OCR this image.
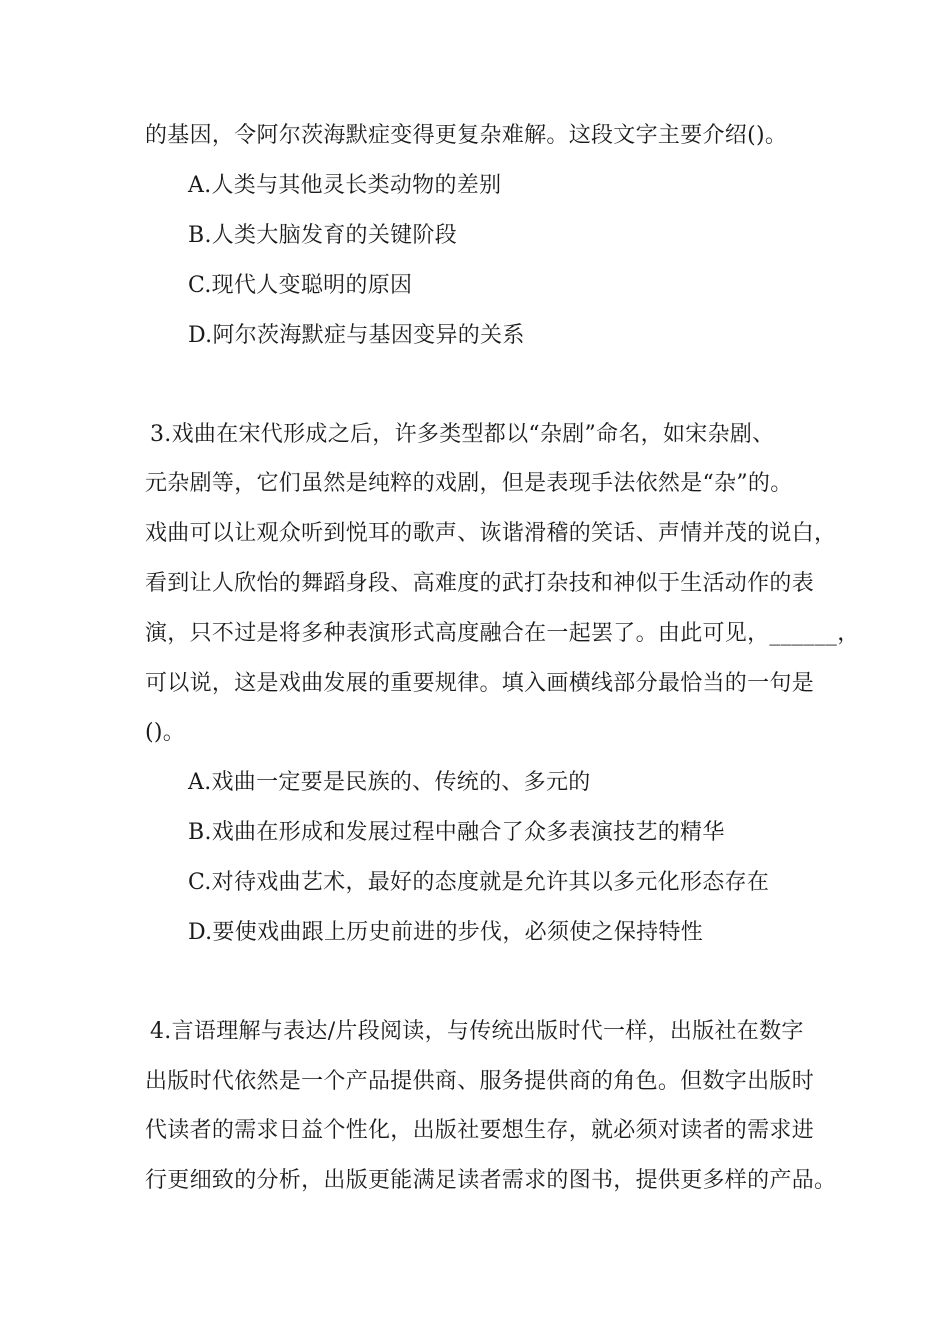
的基因，令阿尔茨海默症变得更复杂难解。这段文字主要介绍()。
A.人类与其他灵长类动物的差别
B.人类大脑发育的关键阶段
C.现代人变聪明的原因
D.阿尔茨海默症与基因变异的关系
3.戏曲在宋代形成之后，许多类型都以“杂剧”命名，如宋杂剧、
元杂剧等，它们虽然是纯粹的戏剧，但是表现手法依然是“杂”的。
戏曲可以让观众听到悦耳的歌声、诙谐滑稽的笑话、声情并茂的说白，
看到让人欣怡的舞蹈身段、高难度的武打杂技和神似于生活动作的表
演，只不过是将多种表演形式高度融合在一起罢了。由此可见，______，
可以说，这是戏曲发展的重要规律。填入画横线部分最恰当的一句是
()。
A.戏曲一定要是民族的、传统的、多元的
B.戏曲在形成和发展过程中融合了众多表演技艺的精华
C.对待戏曲艺术，最好的态度就是允许其以多元化形态存在
D.要使戏曲跟上历史前进的步伐，必须使之保持特性
4.言语理解与表达/片段阅读，与传统出版时代一样，出版社在数字
出版时代依然是一个产品提供商、服务提供商的角色。但数字出版时
代读者的需求日益个性化，出版社要想生存，就必须对读者的需求进
行更细致的分析，出版更能满足读者需求的图书，提供更多样的产品。
